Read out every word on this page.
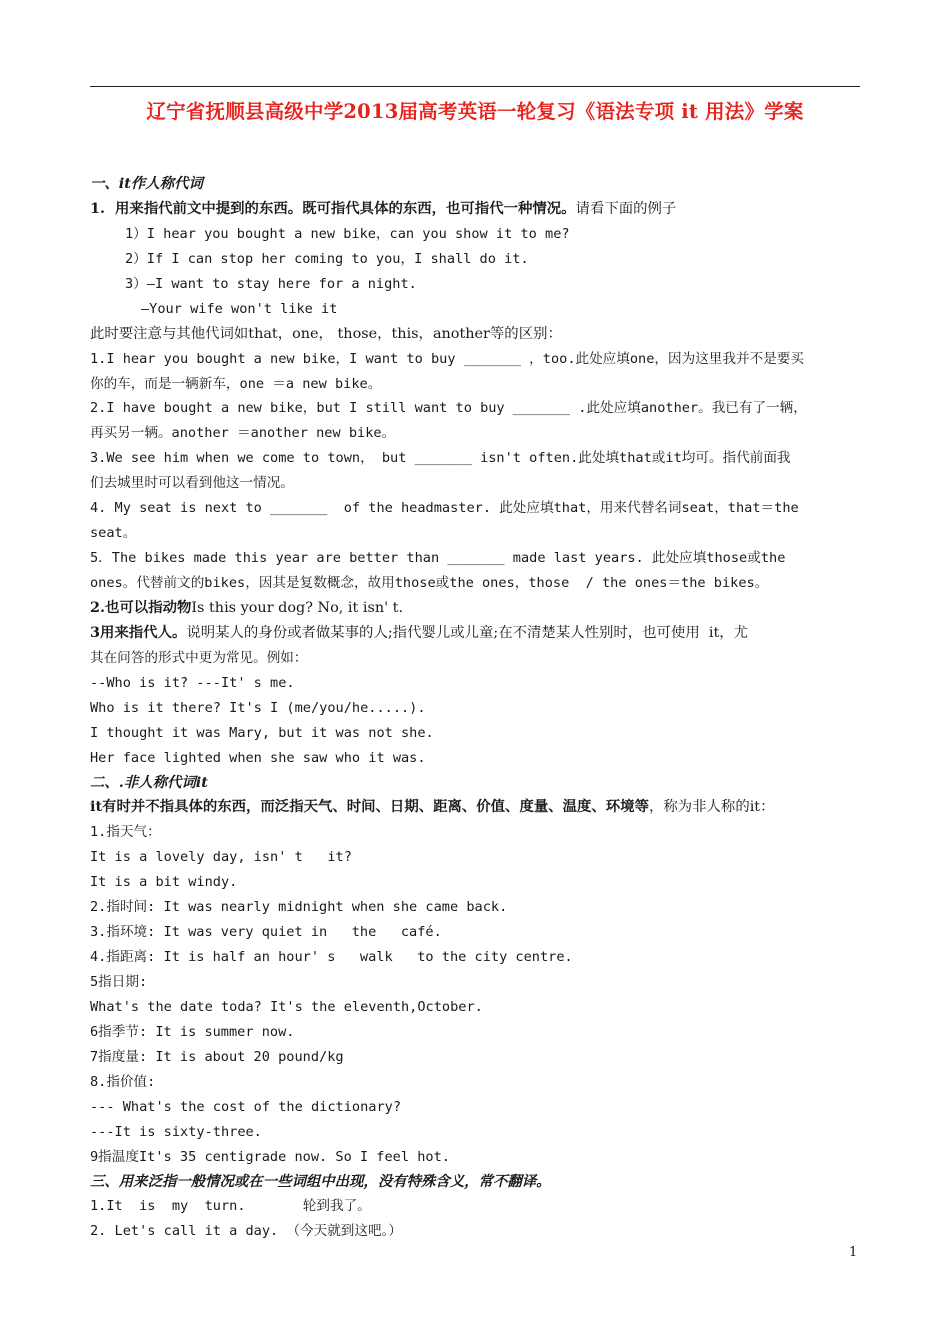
辽宁省抚顺县高级中学2013届高考英语一轮复习《语法专项 it 用法》学案
一、it作人称代词
1.  用来指代前文中提到的东西。既可指代具体的东西，也可指代一种情况。请看下面的例子
1）I hear you bought a new bike，can you show it to me?
2）If I can stop her coming to you，I shall do it.
3）—I want to stay here for a night.
—Your wife won't like it
此时要注意与其他代词如that，one， those，this，another等的区别：
1.I hear you bought a new bike，I want to buy _______ ，too.此处应填one，因为这里我并不是要买
你的车，而是一辆新车，one ＝a new bike。
2.I have bought a new bike，but I still want to buy _______ .此处应填another。我已有了一辆，
再买另一辆。another ＝another new bike。
3.We see him when we come to town， but _______ isn't often.此处填that或it均可。指代前面我
们去城里时可以看到他这一情况。
4. My seat is next to _______  of the headmaster. 此处应填that，用来代替名词seat，that＝the
seat。
5．The bikes made this year are better than _______ made last years. 此处应填those或the
ones。代替前文的bikes，因其是复数概念，故用those或the ones，those  / the ones＝the bikes。
2.也可以指动物Is this your dog? No, it isn' t.
3用来指代人。说明某人的身份或者做某事的人;指代婴儿或儿童;在不清楚某人性别时，也可使用  it，尤
其在问答的形式中更为常见。例如：
--Who is it? ---It' s me.
Who is it there? It's I (me/you/he.....).
I thought it was Mary, but it was not she.
Her face lighted when she saw who it was.
二、.非人称代词it
it有时并不指具体的东西，而泛指天气、时间、日期、距离、价值、度量、温度、环境等，称为非人称的it：
1.指天气：
It is a lovely day, isn' t   it?
It is a bit windy.
2.指时间: It was nearly midnight when she came back.
3.指环境: It was very quiet in   the   café.
4.指距离: It is half an hour' s   walk   to the city centre.
5指日期:
What's the date toda? It's the eleventh,October.
6指季节: It is summer now.
7指度量: It is about 20 pound/kg
8.指价值:
--- What's the cost of the dictionary?
---It is sixty-three.
9指温度It's 35 centigrade now. So I feel hot.
三、用来泛指一般情况或在一些词组中出现，没有特殊含义，常不翻译。
1.It  is  my  turn.       轮到我了。
2. Let's call it a day. （今天就到这吧。）
1
